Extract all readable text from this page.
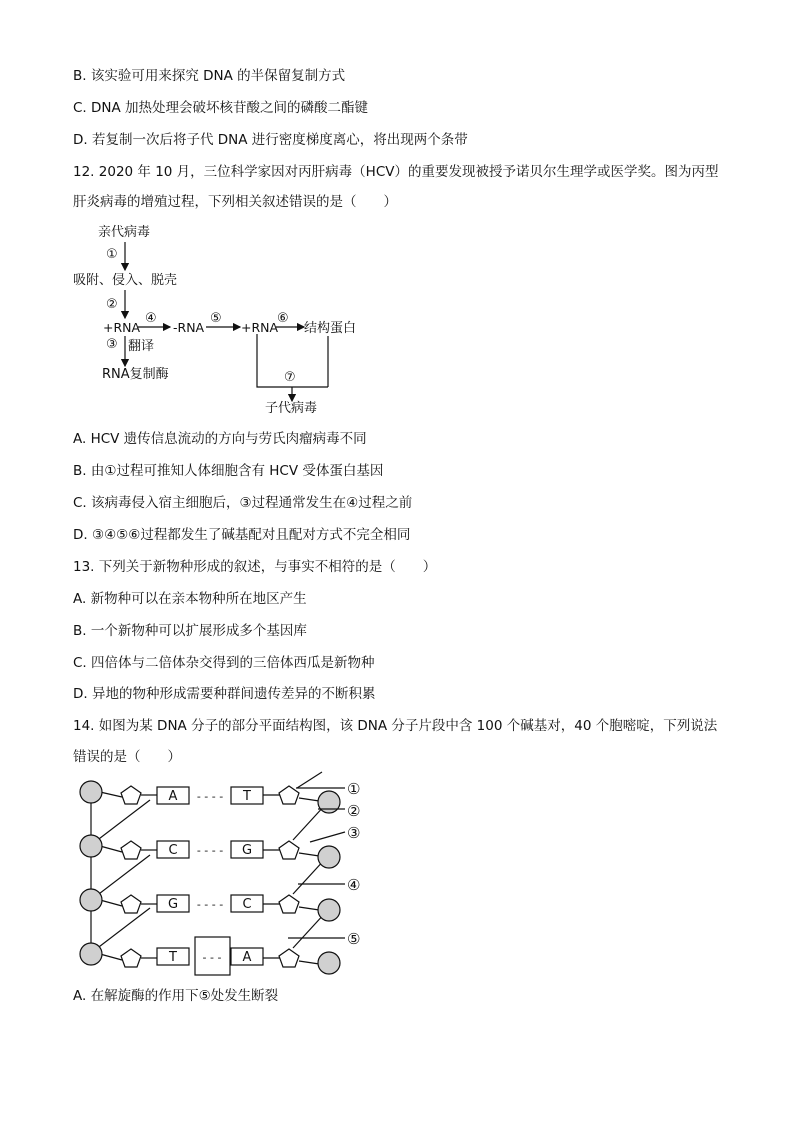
B. 该实验可用来探究 DNA 的半保留复制方式
C. DNA 加热处理会破坏核苷酸之间的磷酸二酯键
D. 若复制一次后将子代 DNA 进行密度梯度离心，将出现两个条带
12. 2020 年 10 月，三位科学家因对丙肝病毒（HCV）的重要发现被授予诺贝尔生理学或医学奖。图为丙型
肝炎病毒的增殖过程，下列相关叙述错误的是（　　）
亲代病毒
①
吸附、侵入、脱壳
②
+RNA
④
-RNA
⑤
+RNA
⑥
结构蛋白
③ 翻译
RNA复制酶	⑦
子代病毒
A. HCV 遗传信息流动的方向与劳氏肉瘤病毒不同
B. 由①过程可推知人体细胞含有 HCV 受体蛋白基因
C. 该病毒侵入宿主细胞后，③过程通常发生在④过程之前
D. ③④⑤⑥过程都发生了碱基配对且配对方式不完全相同
13. 下列关于新物种形成的叙述，与事实不相符的是（　　）
A. 新物种可以在亲本物种所在地区产生
B. 一个新物种可以扩展形成多个基因库
C. 四倍体与二倍体杂交得到的三倍体西瓜是新物种
D. 异地的物种形成需要种群间遗传差异的不断积累
14. 如图为某 DNA 分子的部分平面结构图，该 DNA 分子片段中含 100 个碱基对，40 个胞嘧啶，下列说法
错误的是（　　）
A - - - - T
C - - - - G
G - - - - C
T - - - A
①
②
③
④
⑤
A. 在解旋酶的作用下⑤处发生断裂
